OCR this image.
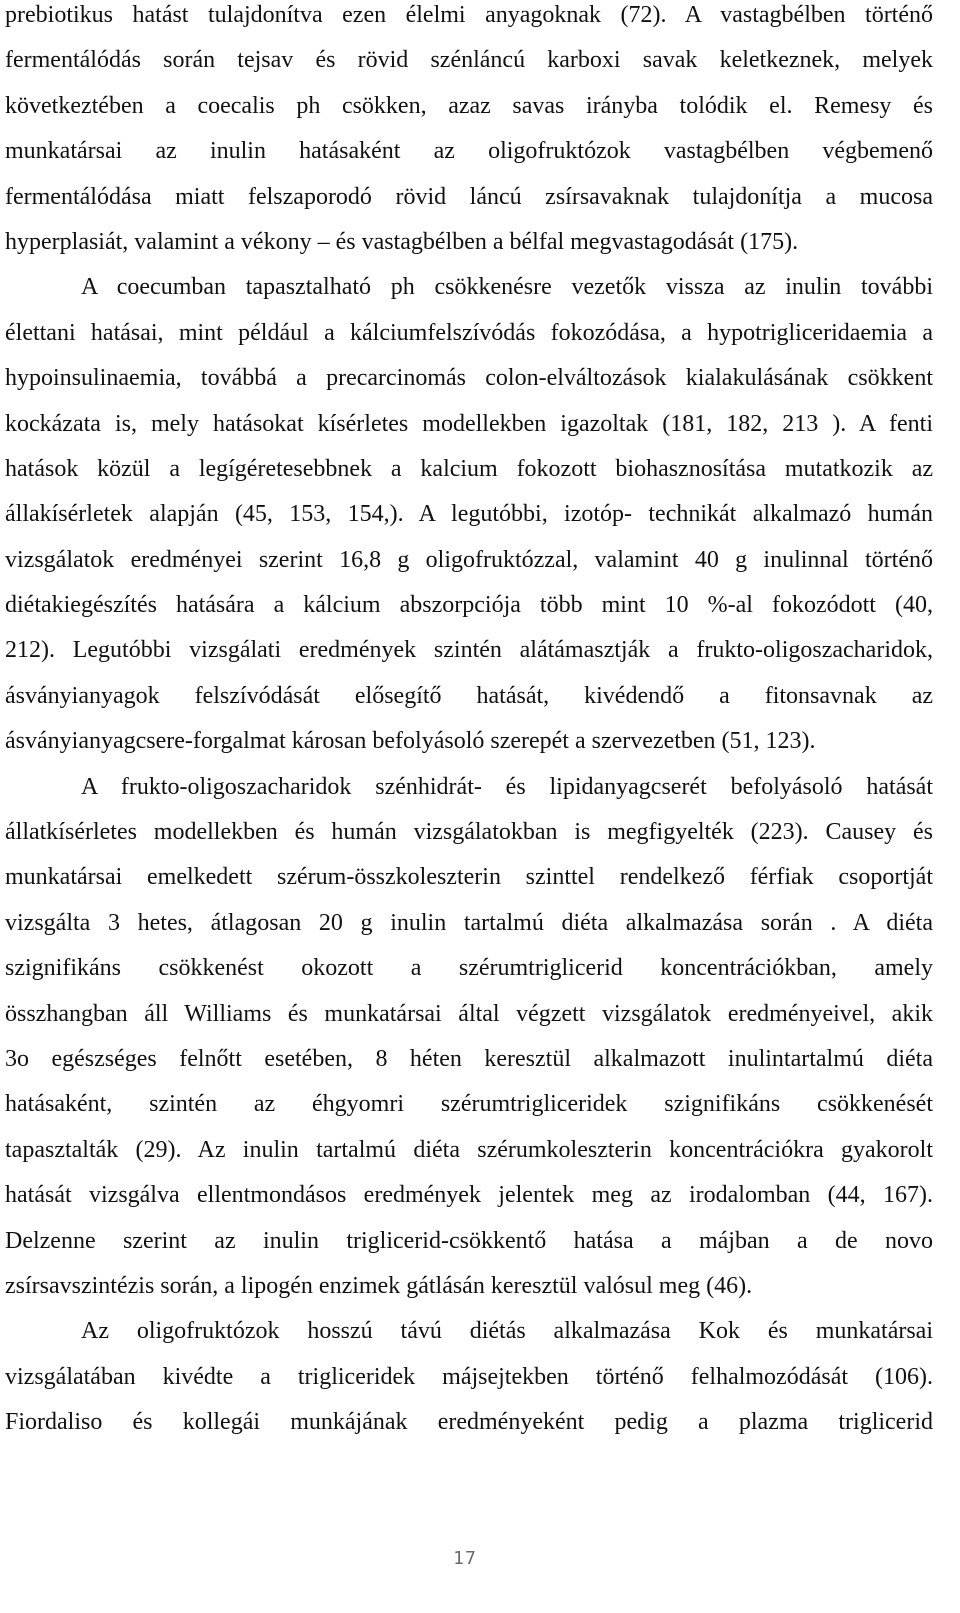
prebiotikus hatást tulajdonítva ezen élelmi anyagoknak (72). A vastagbélben történő
fermentálódás során tejsav és rövid szénláncú karboxi savak keletkeznek, melyek
következtében a coecalis ph csökken, azaz savas irányba tolódik el. Remesy és
munkatársai az inulin hatásaként az oligofruktózok vastagbélben végbemenő
fermentálódása miatt felszaporodó rövid láncú zsírsavaknak tulajdonítja a mucosa
hyperplasiát, valamint a vékony – és vastagbélben a bélfal megvastagodását (175).
A coecumban tapasztalható ph csökkenésre vezetők vissza az inulin további
élettani hatásai, mint például a kálciumfelszívódás fokozódása, a hypotrigliceridaemia a
hypoinsulinaemia, továbbá a precarcinomás colon-elváltozások kialakulásának csökkent
kockázata is, mely hatásokat kísérletes modellekben igazoltak (181, 182, 213 ). A fenti
hatások közül a legígéretesebbnek a kalcium fokozott biohasznosítása mutatkozik az
állakísérletek alapján (45, 153, 154,). A legutóbbi, izotóp- technikát alkalmazó humán
vizsgálatok eredményei szerint 16,8 g oligofruktózzal, valamint 40 g inulinnal történő
diétakiegészítés hatására a kálcium abszorpciója több mint 10 %-al fokozódott (40,
212). Legutóbbi vizsgálati eredmények szintén alátámasztják a frukto-oligoszacharidok,
ásványianyagok felszívódását elősegítő hatását, kivédendő a fitonsavnak az
ásványianyagcsere-forgalmat károsan befolyásoló szerepét a szervezetben (51, 123).
A frukto-oligoszacharidok szénhidrát- és lipidanyagcserét befolyásoló hatását
állatkísérletes modellekben és humán vizsgálatokban is megfigyelték (223). Causey és
munkatársai emelkedett szérum-összkoleszterin szinttel rendelkező férfiak csoportját
vizsgálta 3 hetes, átlagosan 20 g inulin tartalmú diéta alkalmazása során . A diéta
szignifikáns csökkenést okozott a szérumtriglicerid koncentrációkban, amely
összhangban áll Williams és munkatársai által végzett vizsgálatok eredményeivel, akik
3o egészséges felnőtt esetében, 8 héten keresztül alkalmazott inulintartalmú diéta
hatásaként, szintén az éhgyomri szérumtrigliceridek szignifikáns csökkenését
tapasztalták (29). Az inulin tartalmú diéta szérumkoleszterin koncentrációkra gyakorolt
hatását vizsgálva ellentmondásos eredmények jelentek meg az irodalomban (44, 167).
Delzenne szerint az inulin triglicerid-csökkentő hatása a májban a de novo
zsírsavszintézis során, a lipogén enzimek gátlásán keresztül valósul meg (46).
Az oligofruktózok hosszú távú diétás alkalmazása Kok és munkatársai
vizsgálatában kivédte a trigliceridek májsejtekben történő felhalmozódását (106).
Fiordaliso és kollegái munkájának eredményeként pedig a plazma triglicerid
17
